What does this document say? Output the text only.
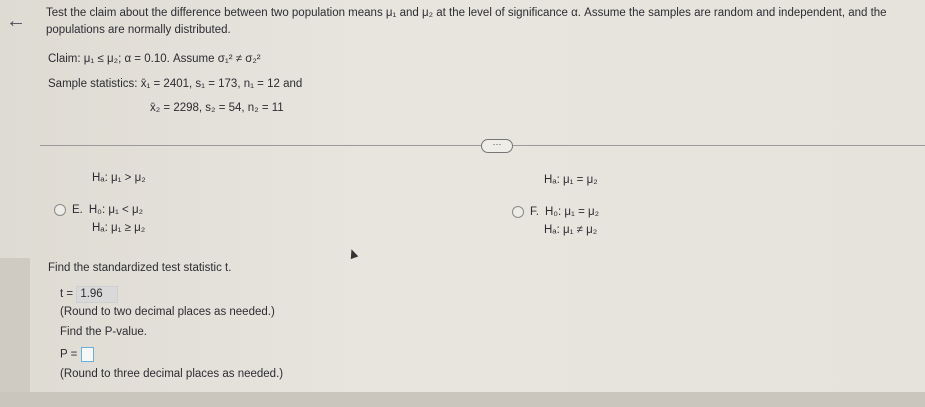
← Test the claim about the difference between two population means μ₁ and μ₂ at the level of significance α. Assume the samples are random and independent, and the
populations are normally distributed.
Claim: μ₁ ≤ μ₂; α = 0.10. Assume σ₁² ≠ σ₂²
Sample statistics: x̄₁ = 2401, s₁ = 173, n₁ = 12 and
x̄₂ = 2298, s₂ = 54, n₂ = 11
···
Hₐ: μ₁ > μ₂	Hₐ: μ₁ = μ₂
E. H₀: μ₁ < μ₂
Hₐ: μ₁ ≥ μ₂
F. H₀: μ₁ = μ₂
Hₐ: μ₁ ≠ μ₂
Find the standardized test statistic t.
t = 1.96
(Round to two decimal places as needed.)
Find the P-value.
P =
(Round to three decimal places as needed.)
